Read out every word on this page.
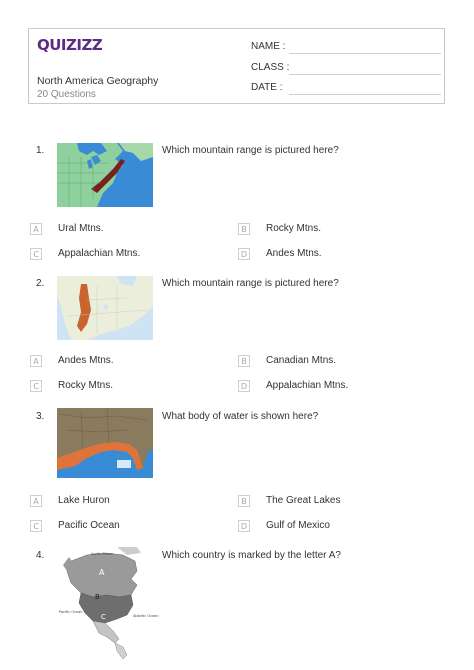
QUIZIZZ
North America Geography
20 Questions
NAME :
CLASS :
DATE :
1.	Which mountain range is pictured here?
A	Ural Mtns.	B	Rocky Mtns.
C	Appalachian Mtns.	D Andes Mtns.
2.	Which mountain range is pictured here?
A	Andes Mtns.	B	Canadian Mtns.
C	Rocky Mtns.	D Appalachian Mtns.
3.	What body of water is shown here?
A	Lake Huron	B	The Great Lakes
C	Pacific Ocean	D Gulf of Mexico
4.
A
B
C
Arctic Ocean
Pacific Ocean
Atlantic Ocean
Which country is marked by the letter A?
